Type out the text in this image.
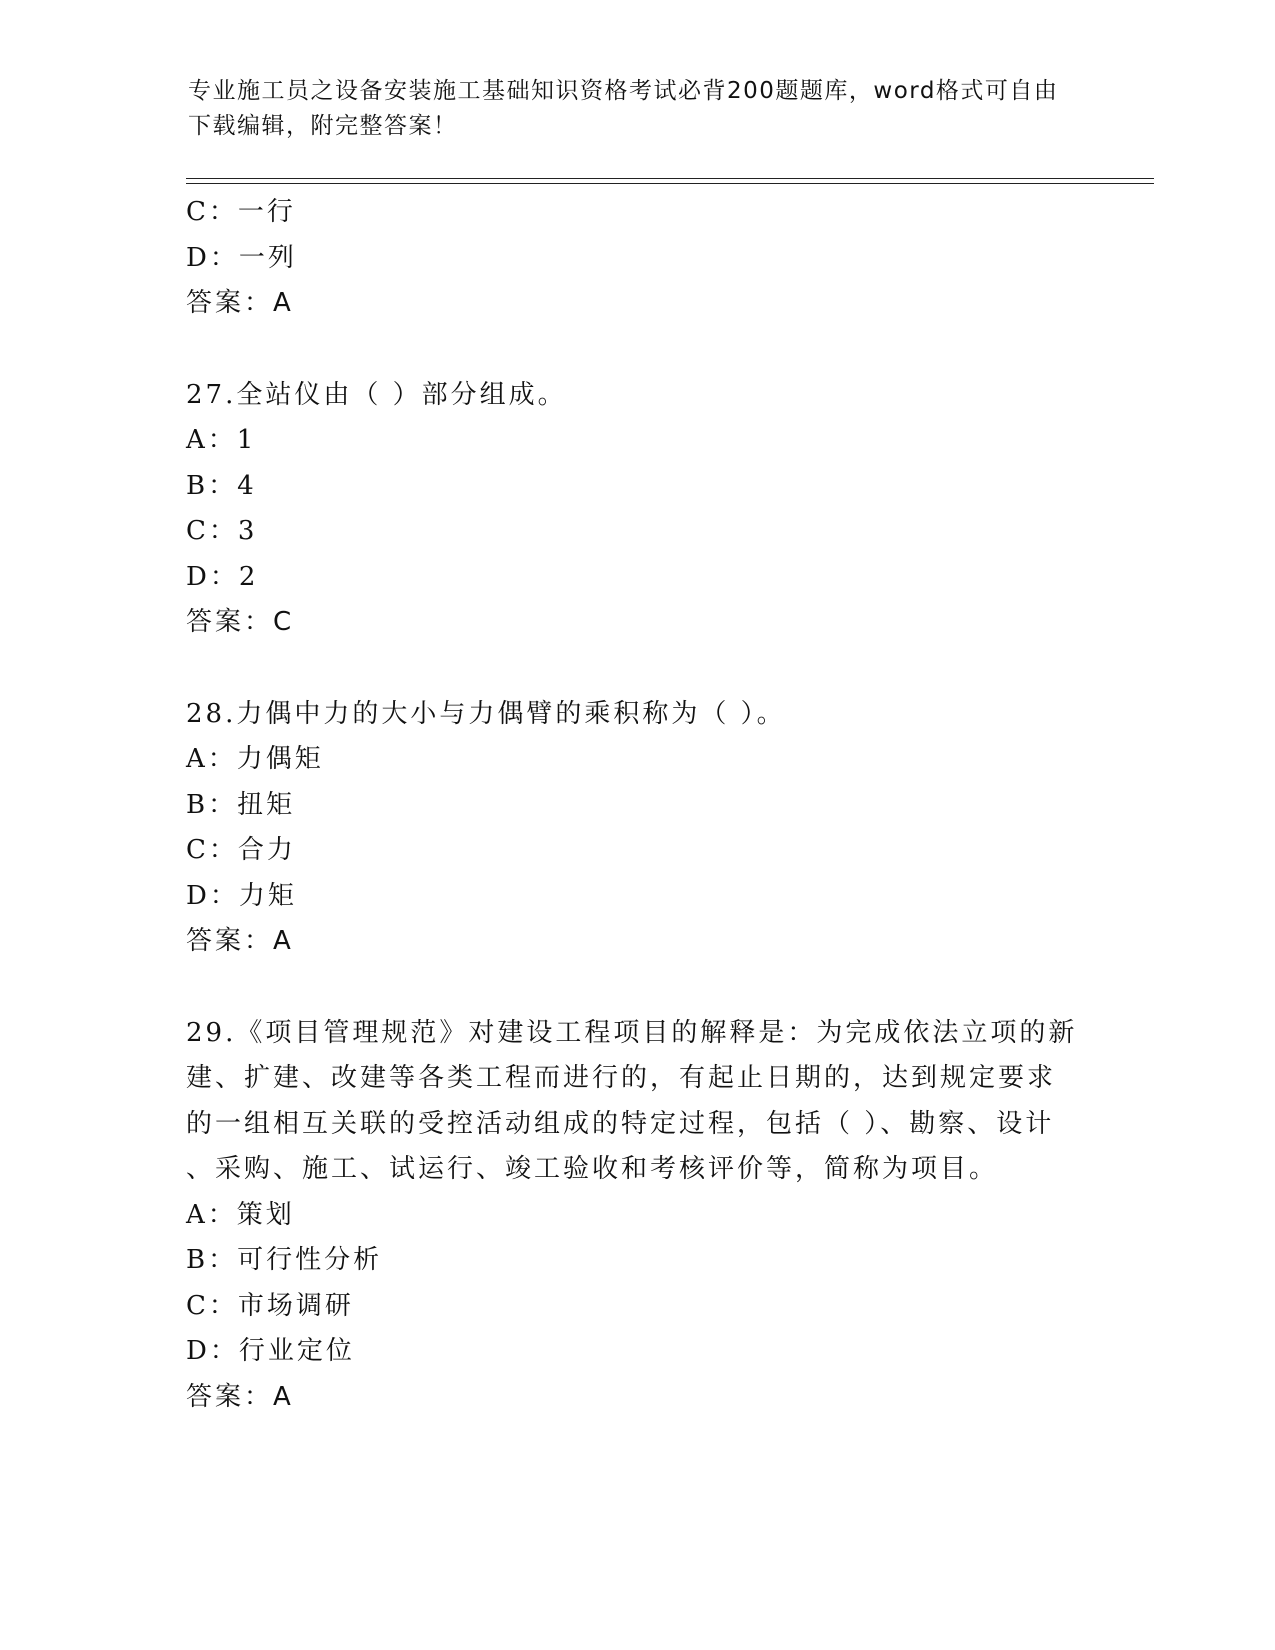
专业施工员之设备安装施工基础知识资格考试必背200题题库，word格式可自由
下载编辑，附完整答案！
C：一行
D：一列
答案：A
27.全站仪由（ ）部分组成。
A：1
B：4
C：3
D：2
答案：C
28.力偶中力的大小与力偶臂的乘积称为（ ）。
A：力偶矩
B：扭矩
C：合力
D：力矩
答案：A
29.《项目管理规范》对建设工程项目的解释是：为完成依法立项的新
建、扩建、改建等各类工程而进行的，有起止日期的，达到规定要求
的一组相互关联的受控活动组成的特定过程，包括（ ）、勘察、设计
、采购、施工、试运行、竣工验收和考核评价等，简称为项目。
A：策划
B：可行性分析
C：市场调研
D：行业定位
答案：A
